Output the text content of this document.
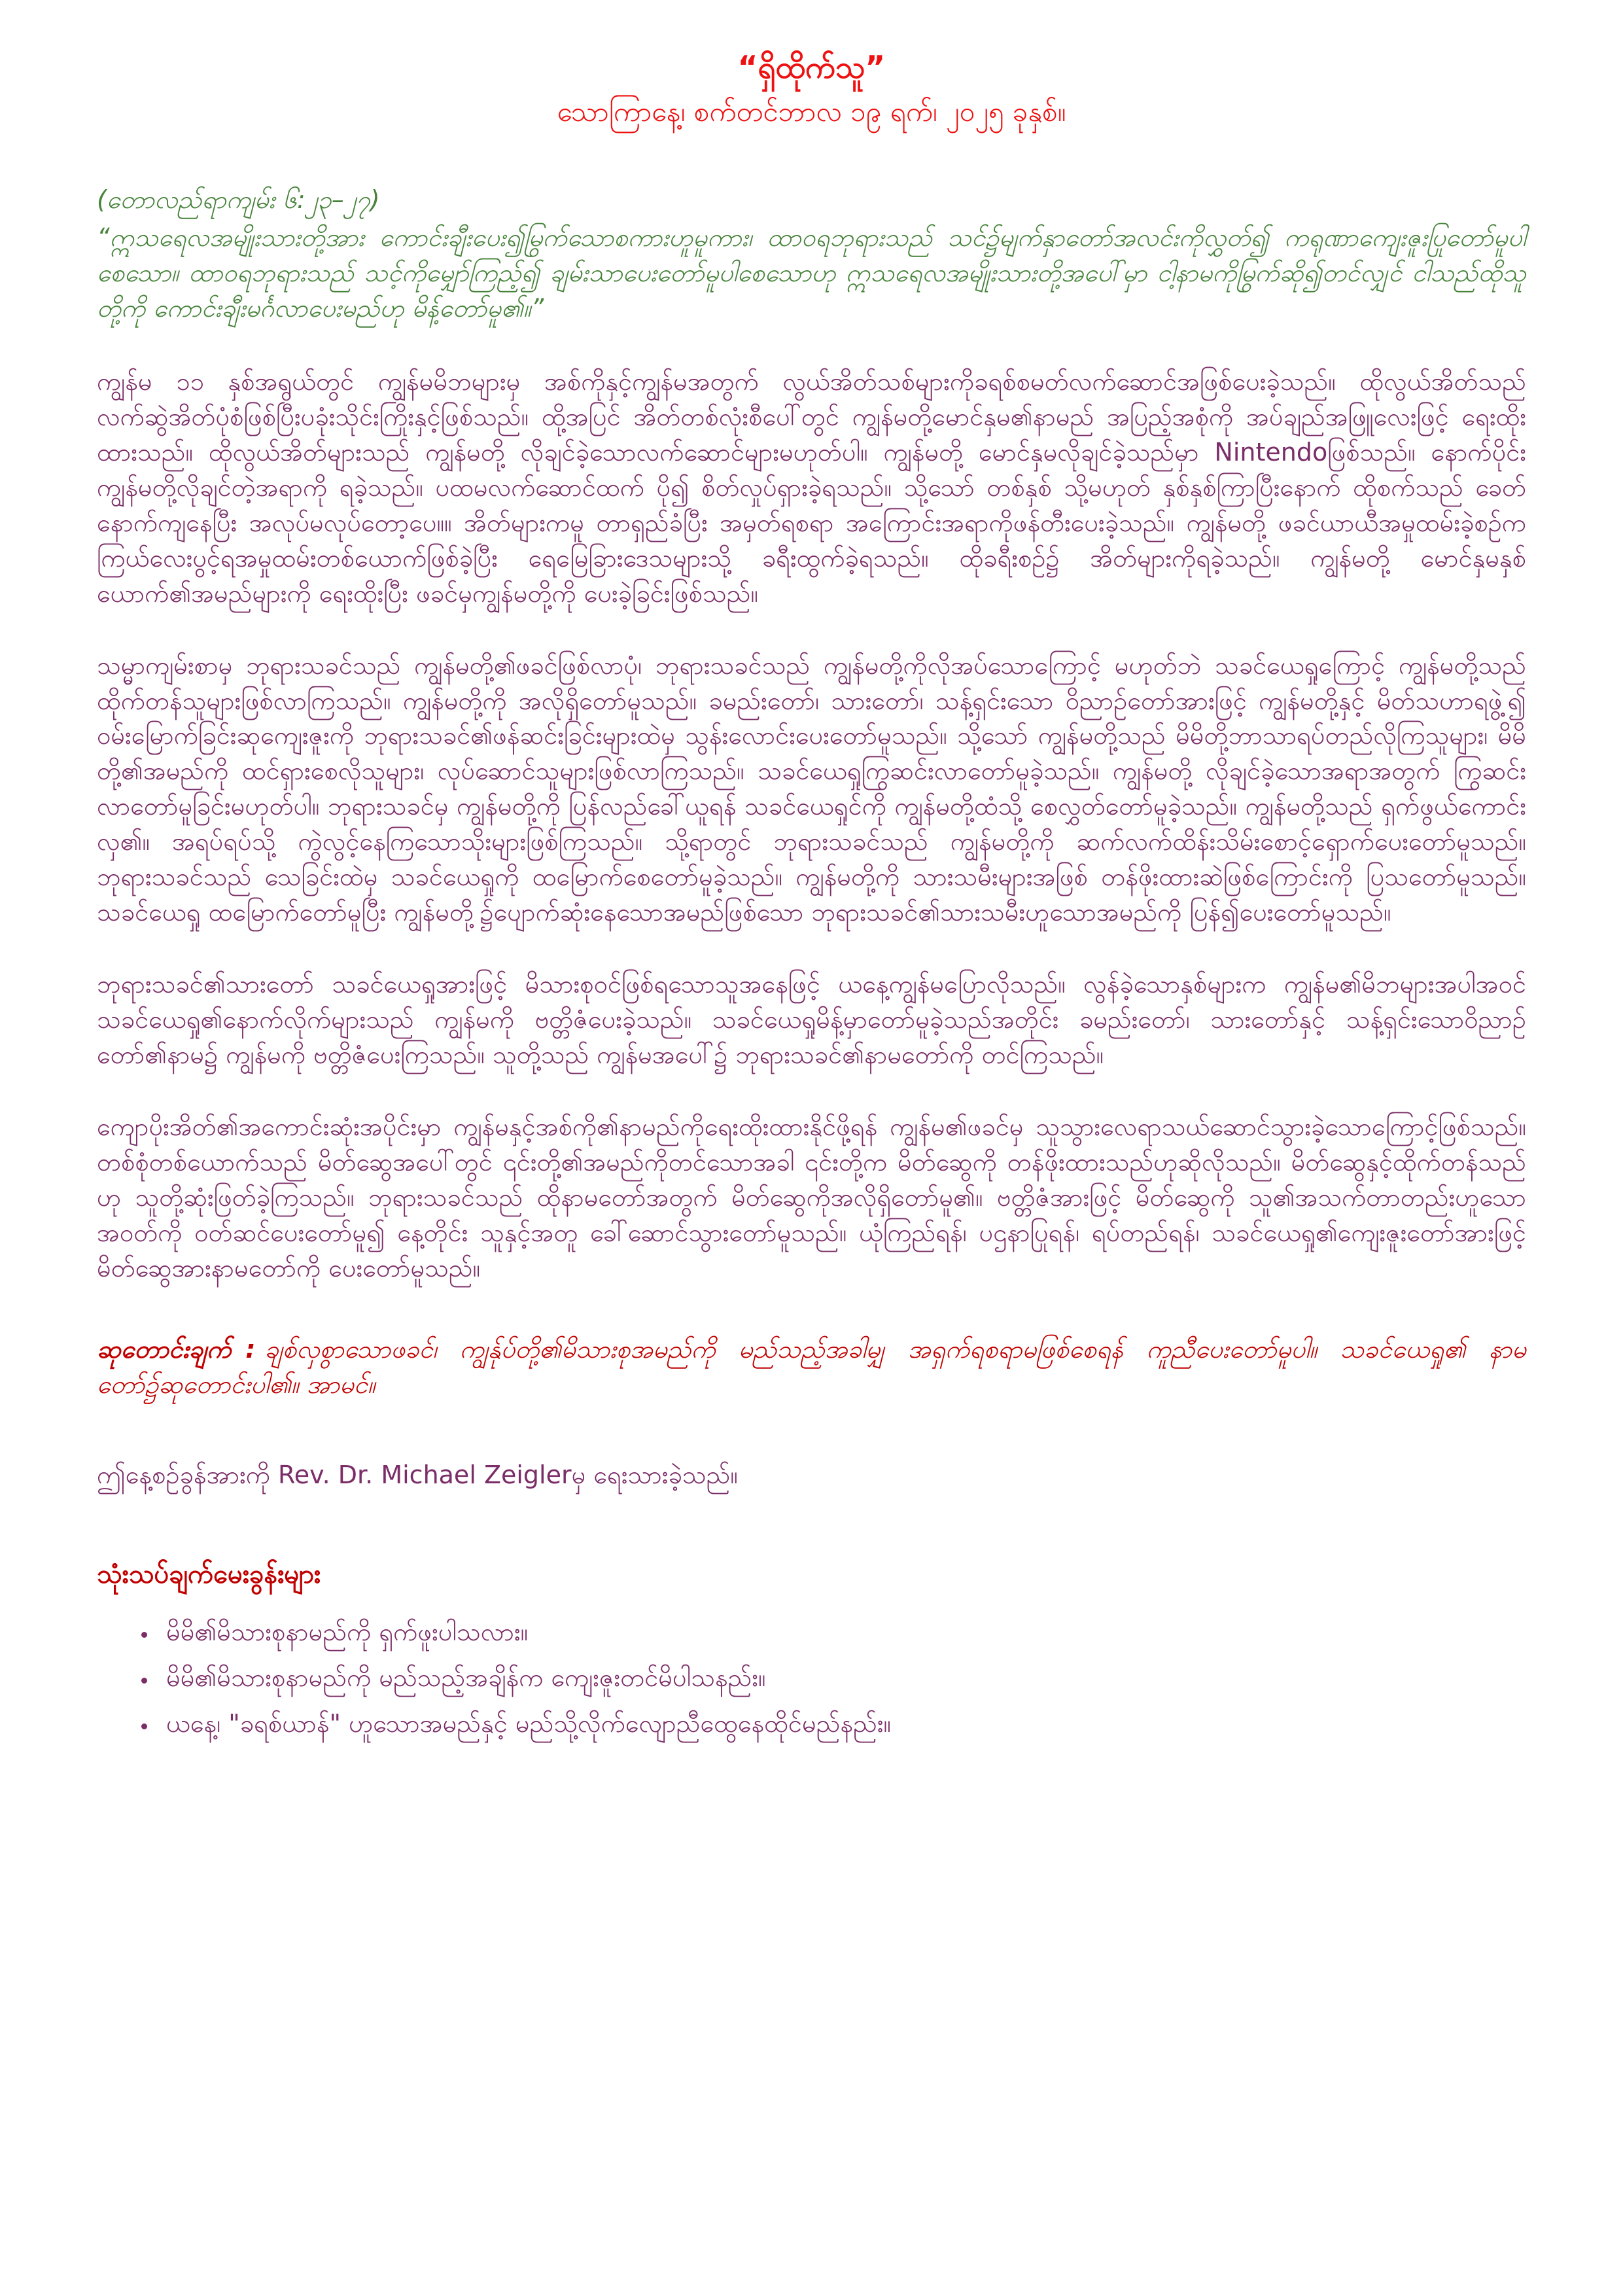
“ရှိထိုက်သူ”
သောကြာနေ့၊ စက်တင်ဘာလ ၁၉ ရက်၊ ၂၀၂၅ ခုနှစ်။

(တောလည်ရာကျမ်း ၆:၂၃–၂၇)

“ဣသရေလအမျိုးသားတို့အား ကောင်းချီးပေး၍မြွက်သောစကားဟူမူကား၊ ထာဝရဘုရားသည် သင်၌မျက်နှာတော်အလင်းကိုလွှတ်၍ ကရုဏာကျေးဇူးပြုတော်မူပါစေသော။ ထာဝရဘုရားသည် သင့်ကိုမျှော်ကြည့်၍ ချမ်းသာပေးတော်မူပါစေသောဟု ဣသရေလအမျိုးသားတို့အပေါ်မှာ ငါ့နာမကိုမြွက်ဆို၍တင်လျှင် ငါသည်ထိုသူတို့ကို ကောင်းချီးမင်္ဂလာပေးမည်ဟု မိန့်တော်မူ၏။”

ကျွန်မ ၁၁ နှစ်အရွယ်တွင် ကျွန်မမိဘများမှ အစ်ကိုနှင့်ကျွန်မအတွက် လွယ်အိတ်သစ်များကိုခရစ်စမတ်လက်ဆောင်အဖြစ်ပေးခဲ့သည်။ ထိုလွယ်အိတ်သည် လက်ဆွဲအိတ်ပုံစံဖြစ်ပြီးပခုံးသိုင်းကြိုးနှင့်ဖြစ်သည်။ ထို့အပြင် အိတ်တစ်လုံးစီပေါ်တွင် ကျွန်မတို့မောင်နှမ၏နာမည် အပြည့်အစုံကို အပ်ချည်အဖြူလေးဖြင့် ရေးထိုးထားသည်။ ထိုလွယ်အိတ်များသည် ကျွန်မတို့ လိုချင်ခဲ့သောလက်ဆောင်များမဟုတ်ပါ။ ကျွန်မတို့ မောင်နှမလိုချင်ခဲ့သည်မှာ Nintendoဖြစ်သည်။ နောက်ပိုင်း ကျွန်မတို့လိုချင်တဲ့အရာကို ရခဲ့သည်။ ပထမလက်ဆောင်ထက် ပို၍ စိတ်လှုပ်ရှားခဲ့ရသည်။ သို့သော် တစ်နှစ် သို့မဟုတ် နှစ်နှစ်ကြာပြီးနောက် ထိုစက်သည် ခေတ်နောက်ကျနေပြီး အလုပ်မလုပ်တော့ပေ။။ အိတ်များကမူ တာရှည်ခံပြီး အမှတ်ရစရာ အကြောင်းအရာကိုဖန်တီးပေးခဲ့သည်။ ကျွန်မတို့ ဖခင်ယာယီအမှုထမ်းခဲ့စဉ်က ကြယ်လေးပွင့်ရအမှုထမ်းတစ်ယောက်ဖြစ်ခဲ့ပြီး ရေမြေခြားဒေသများသို့ ခရီးထွက်ခဲ့ရသည်။ ထိုခရီးစဉ်၌ အိတ်များကိုရခဲ့သည်။ ကျွန်မတို့ မောင်နှမနှစ်ယောက်၏အမည်များကို ရေးထိုးပြီး ဖခင်မှကျွန်မတို့ကို ပေးခဲ့ခြင်းဖြစ်သည်။

သမ္မာကျမ်းစာမှ ဘုရားသခင်သည် ကျွန်မတို့၏ဖခင်ဖြစ်လာပုံ၊ ဘုရားသခင်သည် ကျွန်မတို့ကိုလိုအပ်သောကြောင့် မဟုတ်ဘဲ သခင်ယေရှုကြောင့် ကျွန်မတို့သည် ထိုက်တန်သူများဖြစ်လာကြသည်။ ကျွန်မတို့ကို အလိုရှိတော်မူသည်။ ခမည်းတော်၊ သားတော်၊ သန့်ရှင်းသော ဝိညာဉ်တော်အားဖြင့် ကျွန်မတို့နှင့် မိတ်သဟာရဖွဲ့၍ ဝမ်းမြောက်ခြင်းဆုကျေးဇူးကို ဘုရားသခင်၏ဖန်ဆင်းခြင်းများထဲမှ သွန်းလောင်းပေးတော်မူသည်။ သို့သော် ကျွန်မတို့သည် မိမိတို့ဘာသာရပ်တည်လိုကြသူများ၊ မိမိတို့၏အမည်ကို ထင်ရှားစေလိုသူများ၊ လုပ်ဆောင်သူများဖြစ်လာကြသည်။ သခင်ယေရှုကြွဆင်းလာတော်မူခဲ့သည်။ ကျွန်မတို့ လိုချင်ခဲ့သောအရာအတွက် ကြွဆင်းလာတော်မူခြင်းမဟုတ်ပါ။ ဘုရားသခင်မှ ကျွန်မတို့ကို ပြန်လည်ခေါ်ယူရန် သခင်ယေရှုင်ကို ကျွန်မတို့ထံသို့ စေလွှတ်တော်မူခဲ့သည်။ ကျွန်မတို့သည် ရှက်ဖွယ်ကောင်းလှ၏။ အရပ်ရပ်သို့ ကွဲလွင့်နေကြသောသိုးများဖြစ်ကြသည်။ သို့ရာတွင် ဘုရားသခင်သည် ကျွန်မတို့ကို ဆက်လက်ထိန်းသိမ်းစောင့်ရှောက်ပေးတော်မူသည်။ ဘုရားသခင်သည် သေခြင်းထဲမှ သခင်ယေရှုကို ထမြောက်စေတော်မူခဲ့သည်။ ကျွန်မတို့ကို သားသမီးများအဖြစ် တန်ဖိုးထားဆဲဖြစ်ကြောင်းကို ပြသတော်မူသည်။ သခင်ယေရှု ထမြောက်တော်မူပြီး ကျွန်မတို့၌ပျောက်ဆုံးနေသောအမည်ဖြစ်သော ဘုရားသခင်၏သားသမီးဟူသောအမည်ကို ပြန်၍ပေးတော်မူသည်။

ဘုရားသခင်၏သားတော် သခင်ယေရှုအားဖြင့် မိသားစုဝင်ဖြစ်ရသောသူအနေဖြင့် ယနေ့ကျွန်မပြောလိုသည်။ လွန်ခဲ့သောနှစ်များက ကျွန်မ၏မိဘများအပါအဝင် သခင်ယေရှု၏နောက်လိုက်များသည် ကျွန်မကို ဗတ္တိဇံပေးခဲ့သည်။ သခင်ယေရှုမိန့်မှာတော်မူခဲ့သည်အတိုင်း ခမည်းတော်၊ သားတော်နှင့် သန့်ရှင်းသောဝိညာဉ်တော်၏နာမ၌ ကျွန်မကို ဗတ္တိဇံပေးကြသည်။ သူတို့သည် ကျွန်မအပေါ်၌ ဘုရားသခင်၏နာမတော်ကို တင်ကြသည်။

ကျောပိုးအိတ်၏အကောင်းဆုံးအပိုင်းမှာ ကျွန်မနှင့်အစ်ကို၏နာမည်ကိုရေးထိုးထားနိုင်ဖို့ရန် ကျွန်မ၏ဖခင်မှ သူသွားလေရာသယ်ဆောင်သွားခဲ့သောကြောင့်ဖြစ်သည်။ တစ်စုံတစ်ယောက်သည် မိတ်ဆွေအပေါ်တွင် ၎င်းတို့၏အမည်ကိုတင်သောအခါ ၎င်းတို့က မိတ်ဆွေကို တန်ဖိုးထားသည်ဟုဆိုလိုသည်။ မိတ်ဆွေနှင့်ထိုက်တန်သည်ဟု သူတို့ဆုံးဖြတ်ခဲ့ကြသည်။ ဘုရားသခင်သည် ထိုနာမတော်အတွက် မိတ်ဆွေကိုအလိုရှိတော်မူ၏။ ဗတ္တိဇံအားဖြင့် မိတ်ဆွေကို သူ၏အသက်တာတည်းဟူသောအဝတ်ကို ဝတ်ဆင်ပေးတော်မူ၍ နေ့တိုင်း သူနှင့်အတူ ခေါ်ဆောင်သွားတော်မူသည်။ ယုံကြည်ရန်၊ ပဌနာပြုရန်၊ ရပ်တည်ရန်၊ သခင်ယေရှု၏ကျေးဇူးတော်အားဖြင့် မိတ်ဆွေအားနာမတော်ကို ပေးတော်မူသည်။

ဆုတောင်းချက် : ချစ်လှစွာသောဖခင်၊ ကျွန်ုပ်တို့၏မိသားစုအမည်ကို မည်သည့်အခါမျှ အရှက်ရစရာမဖြစ်စေရန် ကူညီပေးတော်မူပါ။ သခင်ယေရှု၏ နာမတော်၌ဆုတောင်းပါ၏။ အာမင်။

ဤနေ့စဉ်ခွန်အားကို Rev. Dr. Michael Zeiglerမှ ရေးသားခဲ့သည်။

သုံးသပ်ချက်မေးခွန်းများ
• မိမိ၏မိသားစုနာမည်ကို ရှက်ဖူးပါသလား။
• မိမိ၏မိသားစုနာမည်ကို မည်သည့်အချိန်က ကျေးဇူးတင်မိပါသနည်း။
• ယနေ့၊ "ခရစ်ယာန်" ဟူသောအမည်နှင့် မည်သို့လိုက်လျောညီထွေနေထိုင်မည်နည်း။
